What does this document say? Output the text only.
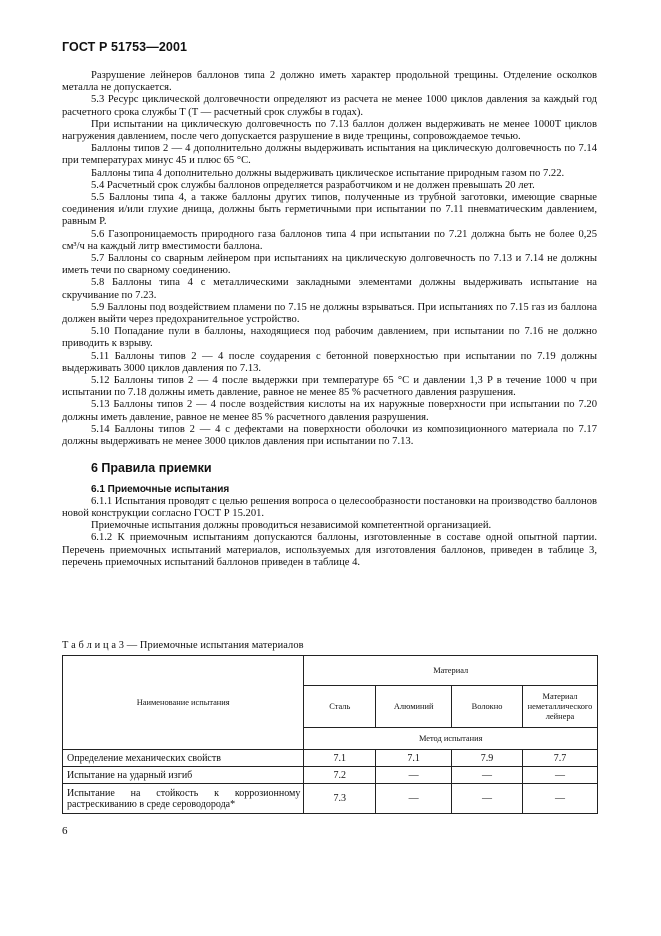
ГОСТ Р 51753—2001

Разрушение лейнеров баллонов типа 2 должно иметь характер продольной трещины. Отделение осколков металла не допускается.

5.3 Ресурс циклической долговечности определяют из расчета не менее 1000 циклов давления за каждый год расчетного срока службы T (T — расчетный срок службы в годах).

При испытании на циклическую долговечность по 7.13 баллон должен выдерживать не менее 1000T циклов нагружения давлением, после чего допускается разрушение в виде трещины, сопровождаемое течью.

Баллоны типов 2 — 4 дополнительно должны выдерживать испытания на циклическую долговечность по 7.14 при температурах минус 45 и плюс 65 °С.

Баллоны типа 4 дополнительно должны выдерживать циклическое испытание природным газом по 7.22.

5.4 Расчетный срок службы баллонов определяется разработчиком и не должен превышать 20 лет.

5.5 Баллоны типа 4, а также баллоны других типов, полученные из трубной заготовки, имеющие сварные соединения и/или глухие днища, должны быть герметичными при испытании по 7.11 пневматическим давлением, равным P.

5.6 Газопроницаемость природного газа баллонов типа 4 при испытании по 7.21 должна быть не более 0,25 см³/ч на каждый литр вместимости баллона.

5.7 Баллоны со сварным лейнером при испытаниях на циклическую долговечность по 7.13 и 7.14 не должны иметь течи по сварному соединению.

5.8 Баллоны типа 4 с металлическими закладными элементами должны выдерживать испытание на скручивание по 7.23.

5.9 Баллоны под воздействием пламени по 7.15 не должны взрываться. При испытаниях по 7.15 газ из баллона должен выйти через предохранительное устройство.

5.10 Попадание пули в баллоны, находящиеся под рабочим давлением, при испытании по 7.16 не должно приводить к взрыву.

5.11 Баллоны типов 2 — 4 после соударения с бетонной поверхностью при испытании по 7.19 должны выдерживать 3000 циклов давления по 7.13.

5.12 Баллоны типов 2 — 4 после выдержки при температуре 65 °С и давлении 1,3 P в течение 1000 ч при испытании по 7.18 должны иметь давление, равное не менее 85 % расчетного давления разрушения.

5.13 Баллоны типов 2 — 4 после воздействия кислоты на их наружные поверхности при испытании по 7.20 должны иметь давление, равное не менее 85 % расчетного давления разрушения.

5.14 Баллоны типов 2 — 4 с дефектами на поверхности оболочки из композиционного материала по 7.17 должны выдерживать не менее 3000 циклов давления при испытании по 7.13.

6 Правила приемки

6.1 Приемочные испытания

6.1.1 Испытания проводят с целью решения вопроса о целесообразности постановки на производство баллонов новой конструкции согласно ГОСТ Р 15.201.

Приемочные испытания должны проводиться независимой компетентной организацией.

6.1.2 К приемочным испытаниям допускаются баллоны, изготовленные в составе одной опытной партии. Перечень приемочных испытаний материалов, используемых для изготовления баллонов, приведен в таблице 3, перечень приемочных испытаний баллонов приведен в таблице 4.

Т а б л и ц а 3 — Приемочные испытания материалов
Наименование испытания	Материал			
	Сталь	Алюминий	Волокно	Материал неметаллического лейнера
	Метод испытания			
Определение механических свойств	7.1	7.1	7.9	7.7
Испытание на ударный изгиб	7.2	—	—	—
Испытание на стойкость к коррозионному растрескиванию в среде сероводорода*	7.3	—	—	—
6
